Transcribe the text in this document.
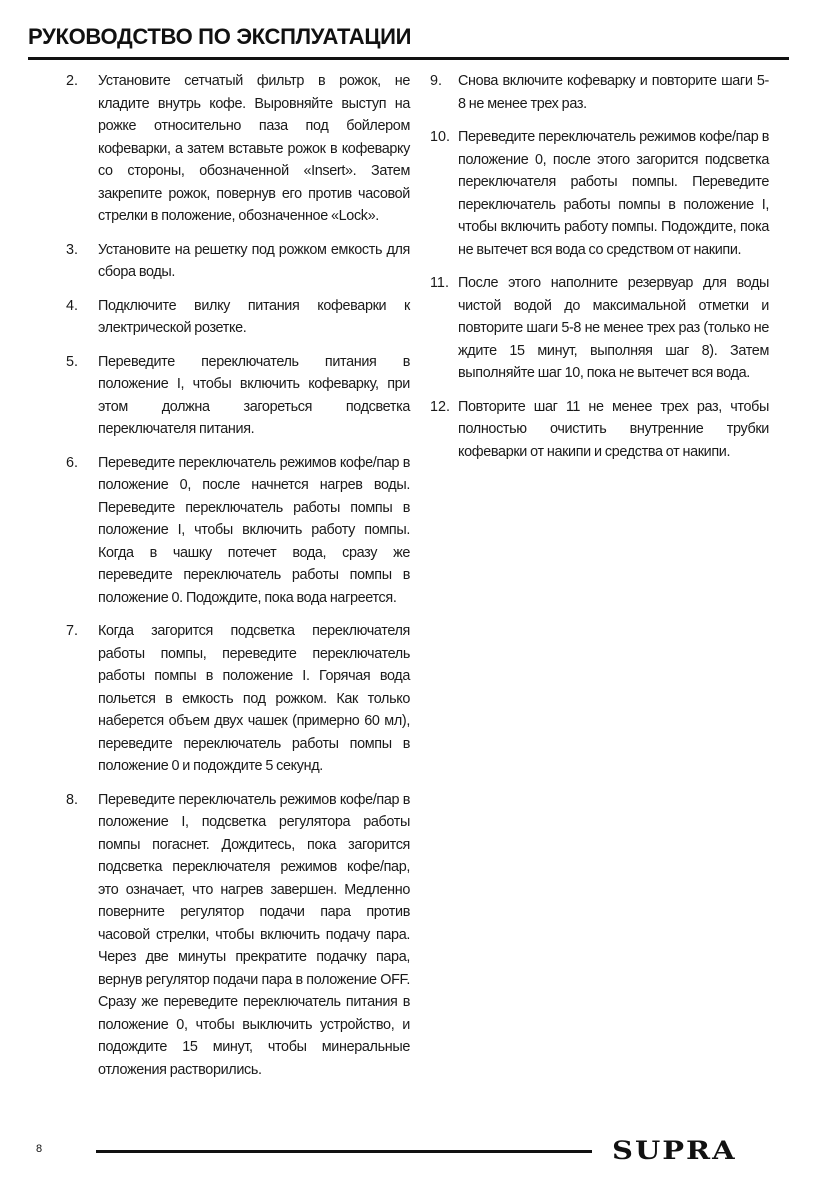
РУКОВОДСТВО ПО ЭКСПЛУАТАЦИИ
2. Установите сетчатый фильтр в рожок, не кладите внутрь кофе. Выровняйте выступ на рожке относительно паза под бойлером кофеварки, а затем вставьте рожок в кофеварку со стороны, обозначенной «Insert». Затем закрепите рожок, повернув его против часовой стрелки в положение, обозначенное «Lock».
3. Установите на решетку под рожком емкость для сбора воды.
4. Подключите вилку питания кофеварки к электрической розетке.
5. Переведите переключатель питания в положение I, чтобы включить кофеварку, при этом должна загореться подсветка переключателя питания.
6. Переведите переключатель режимов кофе/пар в положение 0, после начнется нагрев воды. Переведите переключатель работы помпы в положение I, чтобы включить работу помпы. Когда в чашку потечет вода, сразу же переведите переключатель работы помпы в положение 0. Подождите, пока вода нагреется.
7. Когда загорится подсветка переключателя работы помпы, переведите переключатель работы помпы в положение I. Горячая вода польется в емкость под рожком. Как только наберется объем двух чашек (примерно 60 мл), переведите переключатель работы помпы в положение 0 и подождите 5 секунд.
8. Переведите переключатель режимов кофе/пар в положение I, подсветка регулятора работы помпы погаснет. Дождитесь, пока загорится подсветка переключателя режимов кофе/пар, это означает, что нагрев завершен. Медленно поверните регулятор подачи пара против часовой стрелки, чтобы включить подачу пара. Через две минуты прекратите подачку пара, вернув регулятор подачи пара в положение OFF. Сразу же переведите переключатель питания в положение 0, чтобы выключить устройство, и подождите 15 минут, чтобы минеральные отложения растворились.
9. Снова включите кофеварку и повторите шаги 5-8 не менее трех раз.
10. Переведите переключатель режимов кофе/пар в положение 0, после этого загорится подсветка переключателя работы помпы. Переведите переключатель работы помпы в положение I, чтобы включить работу помпы. Подождите, пока не вытечет вся вода со средством от накипи.
11. После этого наполните резервуар для воды чистой водой до максимальной отметки и повторите шаги 5-8 не менее трех раз (только не ждите 15 минут, выполняя шаг 8). Затем выполняйте шаг 10, пока не вытечет вся вода.
12. Повторите шаг 11 не менее трех раз, чтобы полностью очистить внутренние трубки кофеварки от накипи и средства от накипи.
8	SUPRA
